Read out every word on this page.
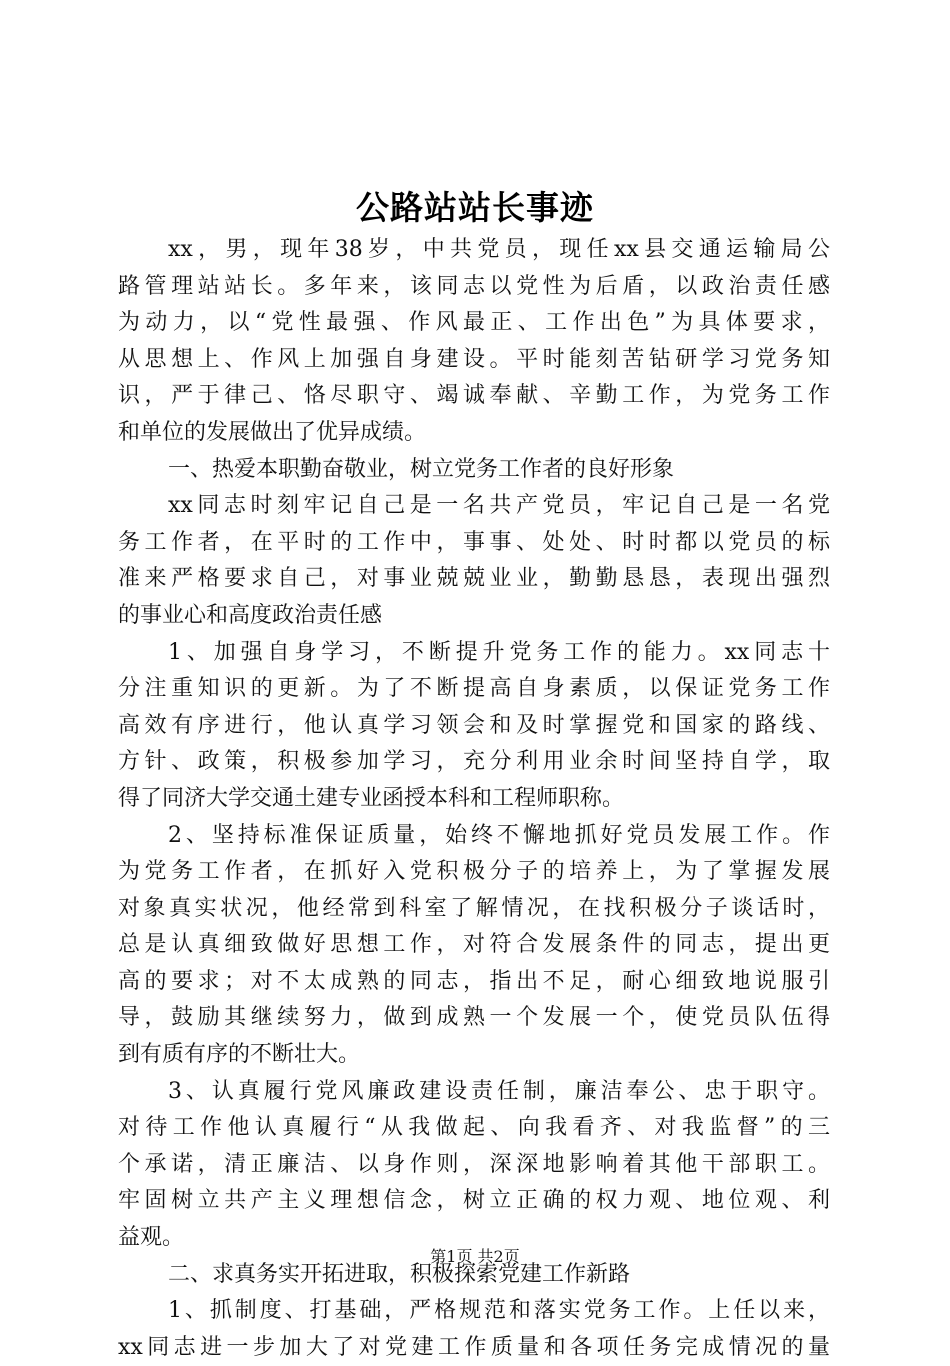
公路站站长事迹
xx，男，现年38岁，中共党员，现任xx县交通运输局公
路管理站站长。多年来，该同志以党性为后盾，以政治责任感
为动力，以“党性最强、作风最正、工作出色”为具体要求，
从思想上、作风上加强自身建设。平时能刻苦钻研学习党务知
识，严于律己、恪尽职守、竭诚奉献、辛勤工作，为党务工作
和单位的发展做出了优异成绩。
一、热爱本职勤奋敬业，树立党务工作者的良好形象
xx同志时刻牢记自己是一名共产党员，牢记自己是一名党
务工作者，在平时的工作中，事事、处处、时时都以党员的标
准来严格要求自己，对事业兢兢业业，勤勤恳恳，表现出强烈
的事业心和高度政治责任感
1、加强自身学习，不断提升党务工作的能力。xx同志十
分注重知识的更新。为了不断提高自身素质，以保证党务工作
高效有序进行，他认真学习领会和及时掌握党和国家的路线、
方针、政策，积极参加学习，充分利用业余时间坚持自学，取
得了同济大学交通土建专业函授本科和工程师职称。
2、坚持标准保证质量，始终不懈地抓好党员发展工作。作
为党务工作者，在抓好入党积极分子的培养上，为了掌握发展
对象真实状况，他经常到科室了解情况，在找积极分子谈话时，
总是认真细致做好思想工作，对符合发展条件的同志，提出更
高的要求；对不太成熟的同志，指出不足，耐心细致地说服引
导，鼓励其继续努力，做到成熟一个发展一个，使党员队伍得
到有质有序的不断壮大。
3、认真履行党风廉政建设责任制，廉洁奉公、忠于职守。
对待工作他认真履行“从我做起、向我看齐、对我监督”的三
个承诺，清正廉洁、以身作则，深深地影响着其他干部职工。
牢固树立共产主义理想信念，树立正确的权力观、地位观、利
益观。
二、求真务实开拓进取，积极探索党建工作新路
1、抓制度、打基础，严格规范和落实党务工作。上任以来，
xx同志进一步加大了对党建工作质量和各项任务完成情况的量
第1页 共2页
